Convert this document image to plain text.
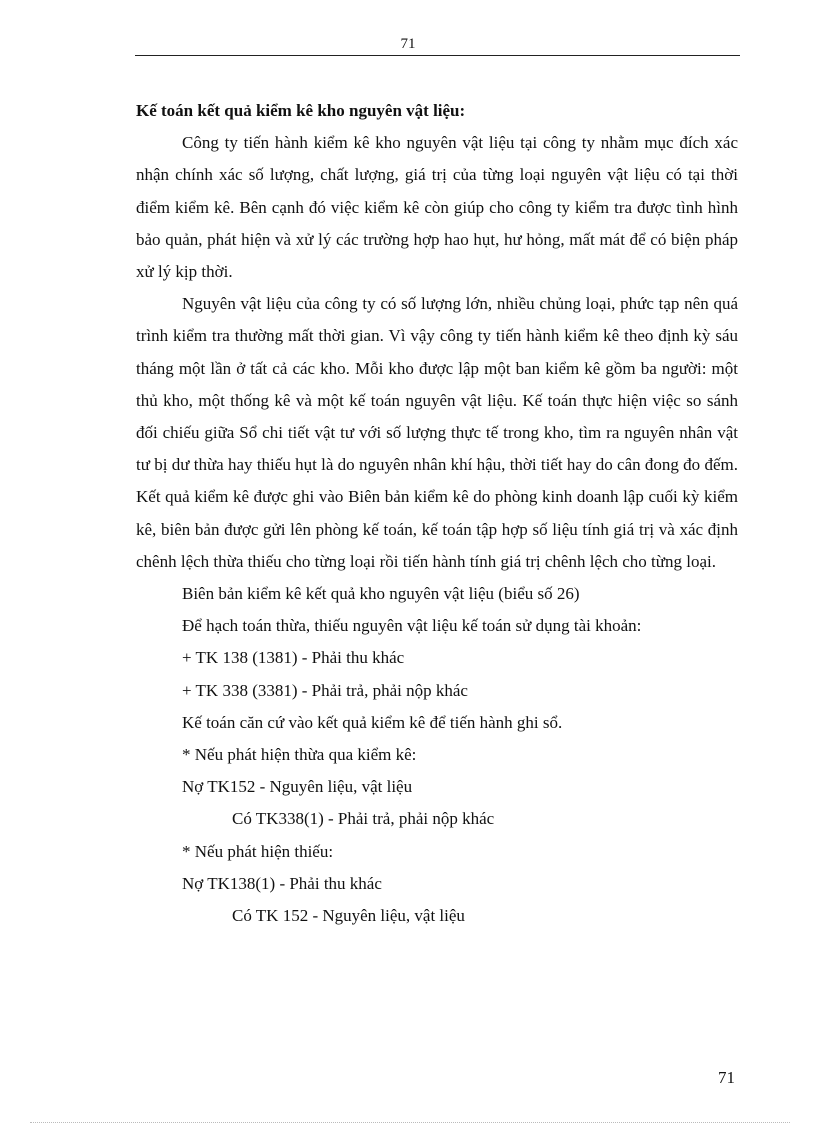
71

Kế toán kết quả kiểm kê kho nguyên vật liệu:

Công ty tiến hành kiểm kê kho nguyên vật liệu tại công ty nhằm mục đích xác nhận chính xác số lượng, chất lượng, giá trị của từng loại nguyên vật liệu có tại thời điểm kiểm kê. Bên cạnh đó việc kiểm kê còn giúp cho công ty kiểm tra được tình hình bảo quản, phát hiện và xử lý các trường hợp hao hụt, hư hỏng, mất mát để có biện pháp xử lý kịp thời.

Nguyên vật liệu của công ty có số lượng lớn, nhiều chủng loại, phức tạp nên quá trình kiểm tra thường mất thời gian. Vì vậy công ty tiến hành kiểm kê theo định kỳ sáu tháng một lần ở tất cả các kho. Mỗi kho được lập một ban kiểm kê gồm ba người: một thủ kho, một thống kê và một kế toán nguyên vật liệu. Kế toán thực hiện việc so sánh đối chiếu giữa Sổ chi tiết vật tư với số lượng thực tế trong kho, tìm ra nguyên nhân vật tư bị dư thừa hay thiếu hụt là do nguyên nhân khí hậu, thời tiết hay do cân đong đo đếm. Kết quả kiểm kê được ghi vào Biên bản kiểm kê do phòng kinh doanh lập cuối kỳ kiểm kê, biên bản được gửi lên phòng kế toán, kế toán tập hợp số liệu tính giá trị và xác định chênh lệch thừa thiếu cho từng loại rồi tiến hành tính giá trị chênh lệch cho từng loại.

Biên bản kiểm kê kết quả kho nguyên vật liệu (biểu số 26)

Để hạch toán thừa, thiếu nguyên vật liệu kế toán sử dụng tài khoản:

+ TK 138 (1381) - Phải thu khác

+ TK 338 (3381) - Phải trả, phải nộp khác

Kế toán căn cứ vào kết quả kiểm kê để tiến hành ghi sổ.

* Nếu phát hiện thừa qua kiểm kê:

Nợ TK152 - Nguyên liệu, vật liệu

Có TK338(1) - Phải trả, phải nộp khác

* Nếu phát hiện thiếu:

Nợ TK138(1) - Phải thu khác

Có TK 152 - Nguyên liệu, vật liệu

71
